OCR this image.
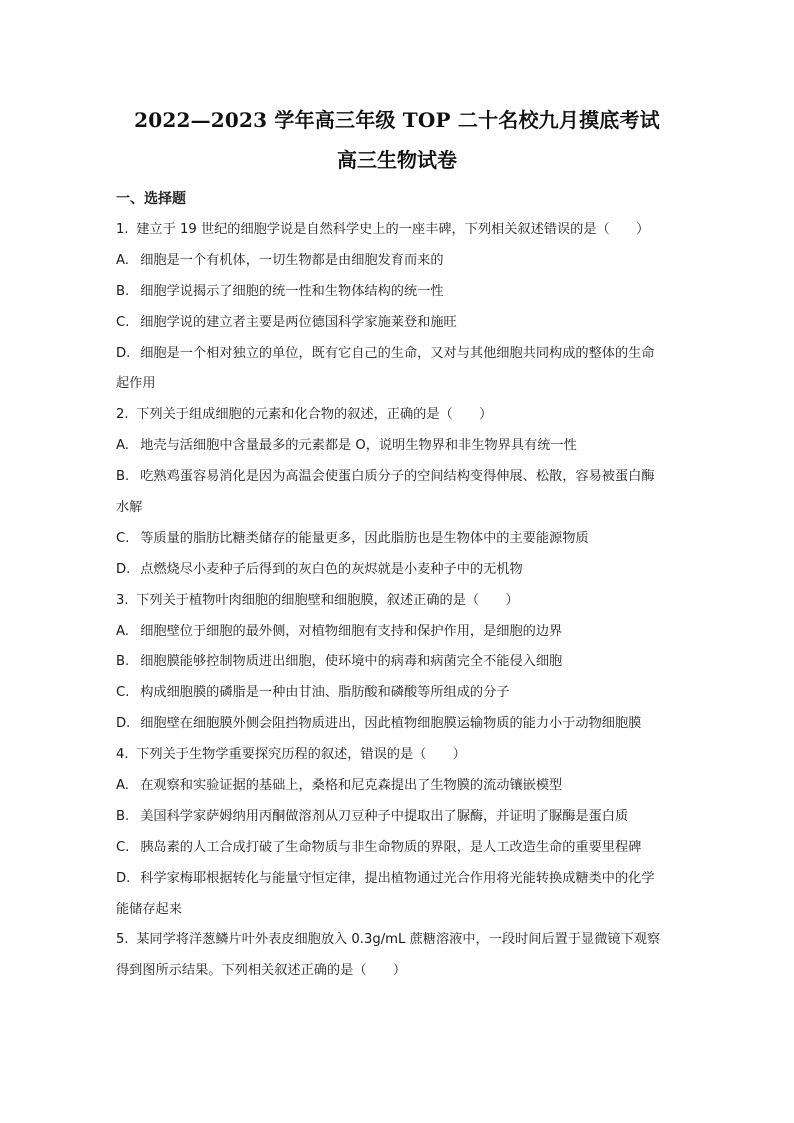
2022—2023 学年高三年级 TOP 二十名校九月摸底考试
高三生物试卷
一、选择题
1. 建立于 19 世纪的细胞学说是自然科学史上的一座丰碑，下列相关叙述错误的是（　　）
A. 细胞是一个有机体，一切生物都是由细胞发育而来的
B. 细胞学说揭示了细胞的统一性和生物体结构的统一性
C. 细胞学说的建立者主要是两位德国科学家施莱登和施旺
D. 细胞是一个相对独立的单位，既有它自己的生命，又对与其他细胞共同构成的整体的生命
起作用
2. 下列关于组成细胞的元素和化合物的叙述，正确的是（　　）
A. 地壳与活细胞中含量最多的元素都是 O，说明生物界和非生物界具有统一性
B. 吃熟鸡蛋容易消化是因为高温会使蛋白质分子的空间结构变得伸展、松散，容易被蛋白酶
水解
C. 等质量的脂肪比糖类储存的能量更多，因此脂肪也是生物体中的主要能源物质
D. 点燃烧尽小麦种子后得到的灰白色的灰烬就是小麦种子中的无机物
3. 下列关于植物叶肉细胞的细胞壁和细胞膜，叙述正确的是（　　）
A. 细胞壁位于细胞的最外侧，对植物细胞有支持和保护作用，是细胞的边界
B. 细胞膜能够控制物质进出细胞，使环境中的病毒和病菌完全不能侵入细胞
C. 构成细胞膜的磷脂是一种由甘油、脂肪酸和磷酸等所组成的分子
D. 细胞壁在细胞膜外侧会阻挡物质进出，因此植物细胞膜运输物质的能力小于动物细胞膜
4. 下列关于生物学重要探究历程的叙述，错误的是（　　）
A. 在观察和实验证据的基础上，桑格和尼克森提出了生物膜的流动镶嵌模型
B. 美国科学家萨姆纳用丙酮做溶剂从刀豆种子中提取出了脲酶，并证明了脲酶是蛋白质
C. 胰岛素的人工合成打破了生命物质与非生命物质的界限，是人工改造生命的重要里程碑
D. 科学家梅耶根据转化与能量守恒定律，提出植物通过光合作用将光能转换成糖类中的化学
能储存起来
5. 某同学将洋葱鳞片叶外表皮细胞放入 0.3g/mL 蔗糖溶液中，一段时间后置于显微镜下观察
得到图所示结果。下列相关叙述正确的是（　　）
